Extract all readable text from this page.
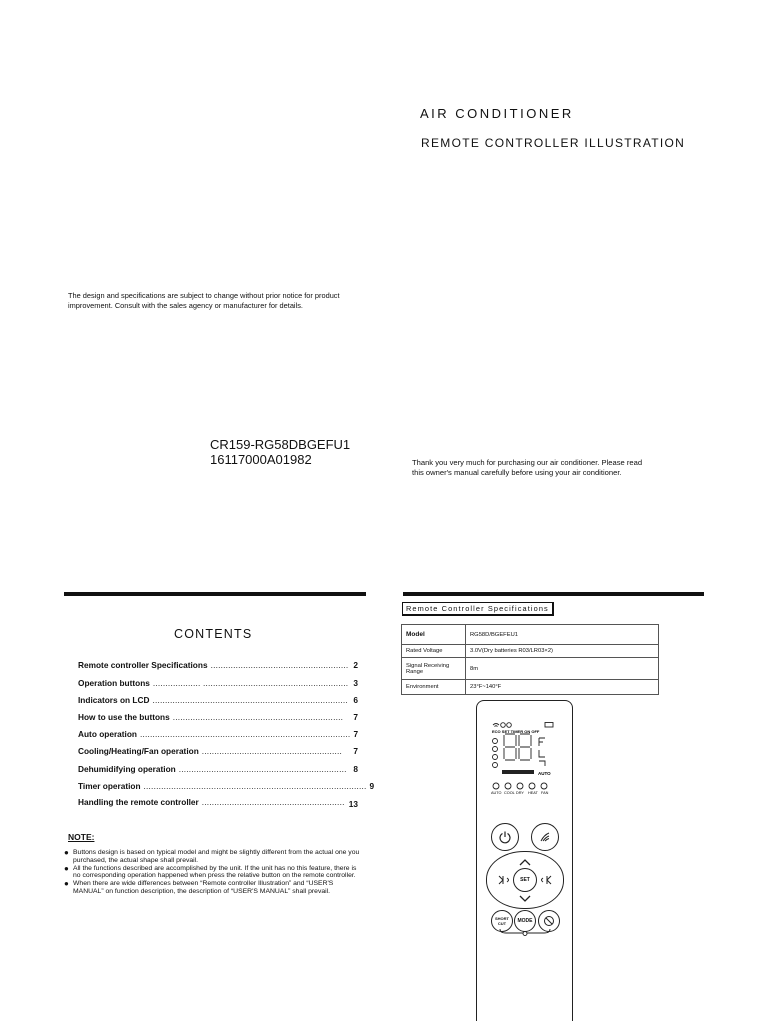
AIR CONDITIONER
REMOTE CONTROLLER ILLUSTRATION
The design and specifications are subject to change without prior notice for product improvement. Consult with the sales agency or manufacturer for details.
CR159-RG58DBGEFU1
16117000A01982	Thank you very much for purchasing our air conditioner. Please read this owner's manual carefully before using your air conditioner.
CONTENTS
Remote controller Specifications ....................................................... 2
Operation buttons ................... .......................................................... 3
Indicators on LCD .............................................................................. 6
How to use the buttons ....................................................................	7
Auto operation .................................................................................... 7
Cooling/Heating/Fan operation ........................................................	7
Dehumidifying operation ................................................................... 8
Timer operation ......................................................................................... 9
Handling the remote controller ......................................................... 13
NOTE:
● Buttons design is based on typical model and might be slightly different from the actual one you purchased, the actual shape shall prevail.
● All the functions described are accomplished by the unit. If the unit has no this feature, there is no corresponding operation happened when press the relative button on the remote controller.
● When there are wide differences between “Remote controller Illustration” and “USER'S MANUAL” on function description, the description of “USER'S MANUAL” shall prevail.
Remote Controller Specifications
Model	RG58D/BGEFEU1
Rated Voltage	3.0V(Dry batteries R03/LR03×2)
Signal Receiving Range	8m
Environment	23°F~140°F
ECO SET TIMER ON OFF
AUTO
AUTO COOL DRY HEAT FAN
SET
SHORT CUT	MODE
